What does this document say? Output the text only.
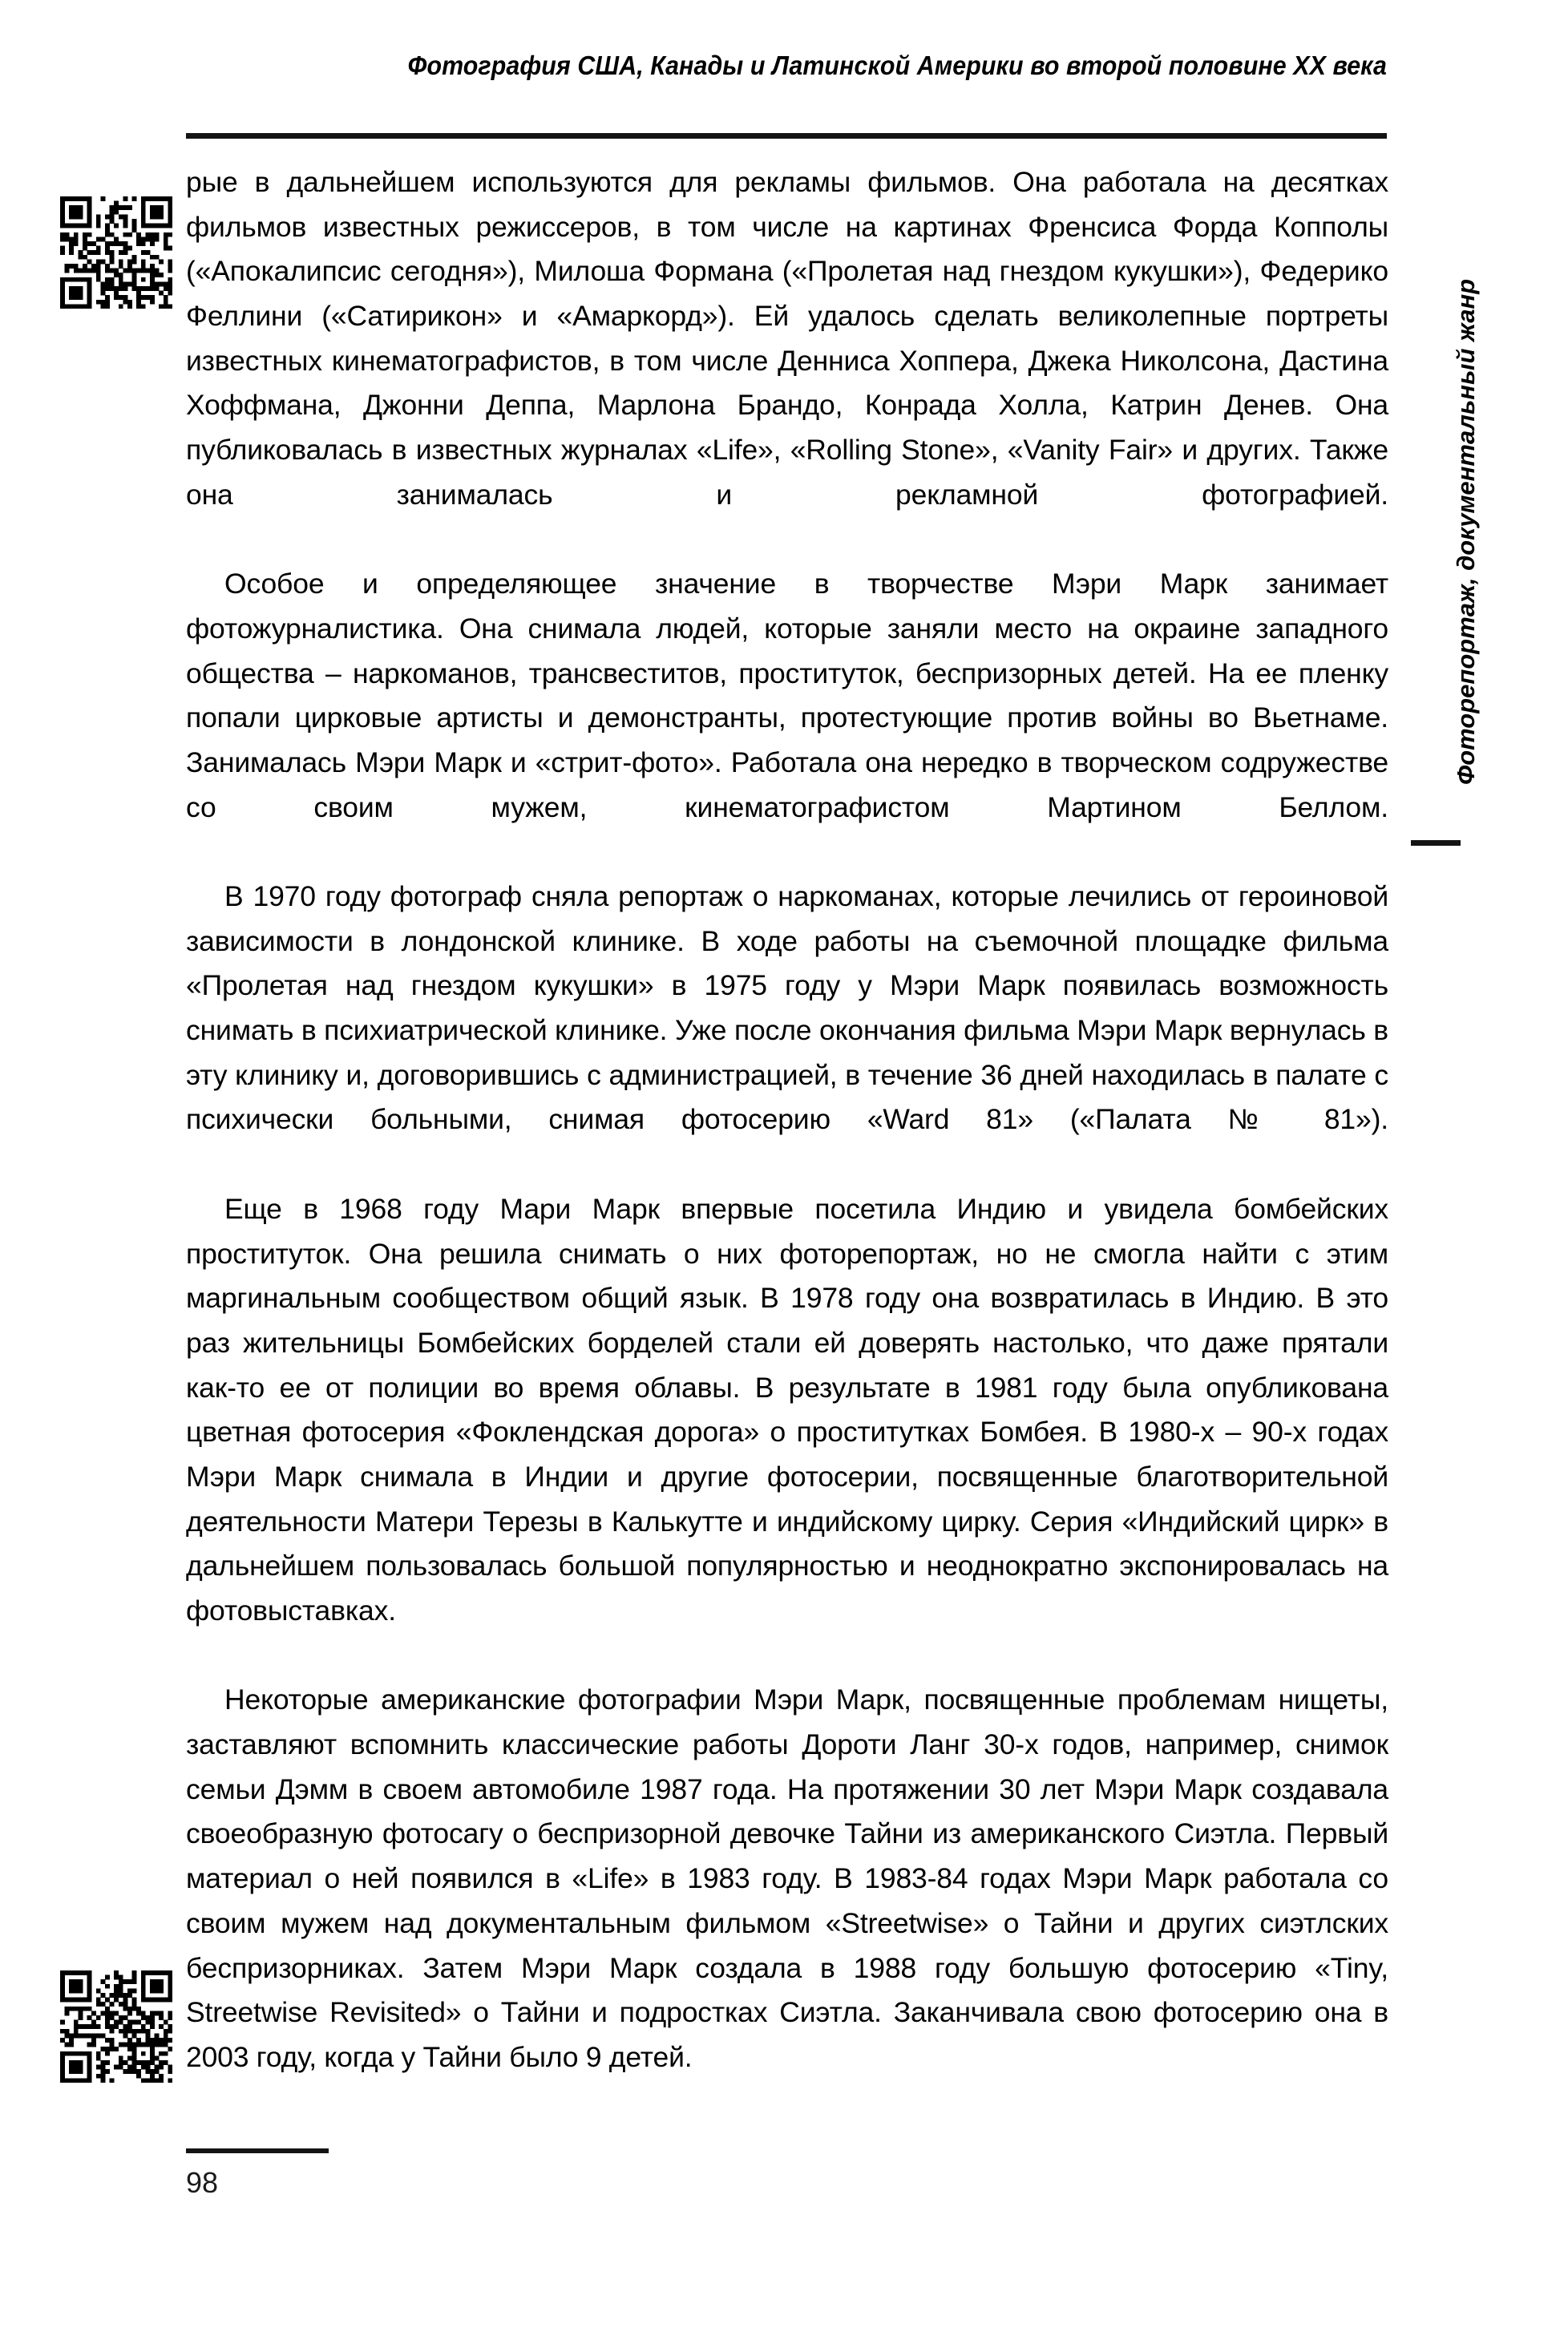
Фотография США, Канады и Латинской Америки во второй половине XX века
Фоторепортаж, документальный жанр

рые в дальнейшем используются для рекламы фильмов. Она работала на десятках фильмов известных режиссеров, в том числе на картинах Френсиса Форда Копполы («Апокалипсис сегодня»), Милоша Формана («Пролетая над гнездом кукушки»), Федерико Феллини («Сатирикон» и «Амаркорд»). Ей удалось сделать великолепные портреты известных кинематографистов, в том числе Денниса Хоппера, Джека Николсона, Дастина Хоффмана, Джонни Деппа, Марлона Брандо, Конрада Холла, Катрин Денев. Она публиковалась в известных журналах «Life», «Rolling Stone», «Vanity Fair» и других. Также она занималась и рекламной фотографией.

Особое и определяющее значение в творчестве Мэри Марк занимает фотожурналистика. Она снимала людей, которые заняли место на окраине западного общества – наркоманов, трансвеститов, проституток, беспризорных детей. На ее пленку попали цирковые артисты и демонстранты, протестующие против войны во Вьетнаме. Занималась Мэри Марк и «стрит-фото». Работала она нередко в творческом содружестве со своим мужем, кинематографистом Мартином Беллом.

В 1970 году фотограф сняла репортаж о наркоманах, которые лечились от героиновой зависимости в лондонской клинике. В ходе работы на съемочной площадке фильма «Пролетая над гнездом кукушки» в 1975 году у Мэри Марк появилась возможность снимать в психиатрической клинике. Уже после окончания фильма Мэри Марк вернулась в эту клинику и, договорившись с администрацией, в течение 36 дней находилась в палате с психически больными, снимая фотосерию «Ward 81» («Палата № 81»).

Еще в 1968 году Мари Марк впервые посетила Индию и увидела бомбейских проституток. Она решила снимать о них фоторепортаж, но не смогла найти с этим маргинальным сообществом общий язык. В 1978 году она возвратилась в Индию. В это раз жительницы Бомбейских борделей стали ей доверять настолько, что даже прятали как-то ее от полиции во время облавы. В результате в 1981 году была опубликована цветная фотосерия «Фоклендская дорога» о проститутках Бомбея. В 1980-х – 90-х годах Мэри Марк снимала в Индии и другие фотосерии, посвященные благотворительной деятельности Матери Терезы в Калькутте и индийскому цирку. Серия «Индийский цирк» в дальнейшем пользовалась большой популярностью и неоднократно экспонировалась на фотовыставках.

Некоторые американские фотографии Мэри Марк, посвященные проблемам нищеты, заставляют вспомнить классические работы Дороти Ланг 30-х годов, например, снимок семьи Дэмм в своем автомобиле 1987 года. На протяжении 30 лет Мэри Марк создавала своеобразную фотосагу о беспризорной девочке Тайни из американского Сиэтла. Первый материал о ней появился в «Life» в 1983 году. В 1983-84 годах Мэри Марк работала со своим мужем над документальным фильмом «Streetwise» о Тайни и других сиэтлских беспризорниках. Затем Мэри Марк создала в 1988 году большую фотосерию «Tiny, Streetwise Revisited» о Тайни и подростках Сиэтла. Заканчивала свою фотосерию она в 2003 году, когда у Тайни было 9 детей.

98
